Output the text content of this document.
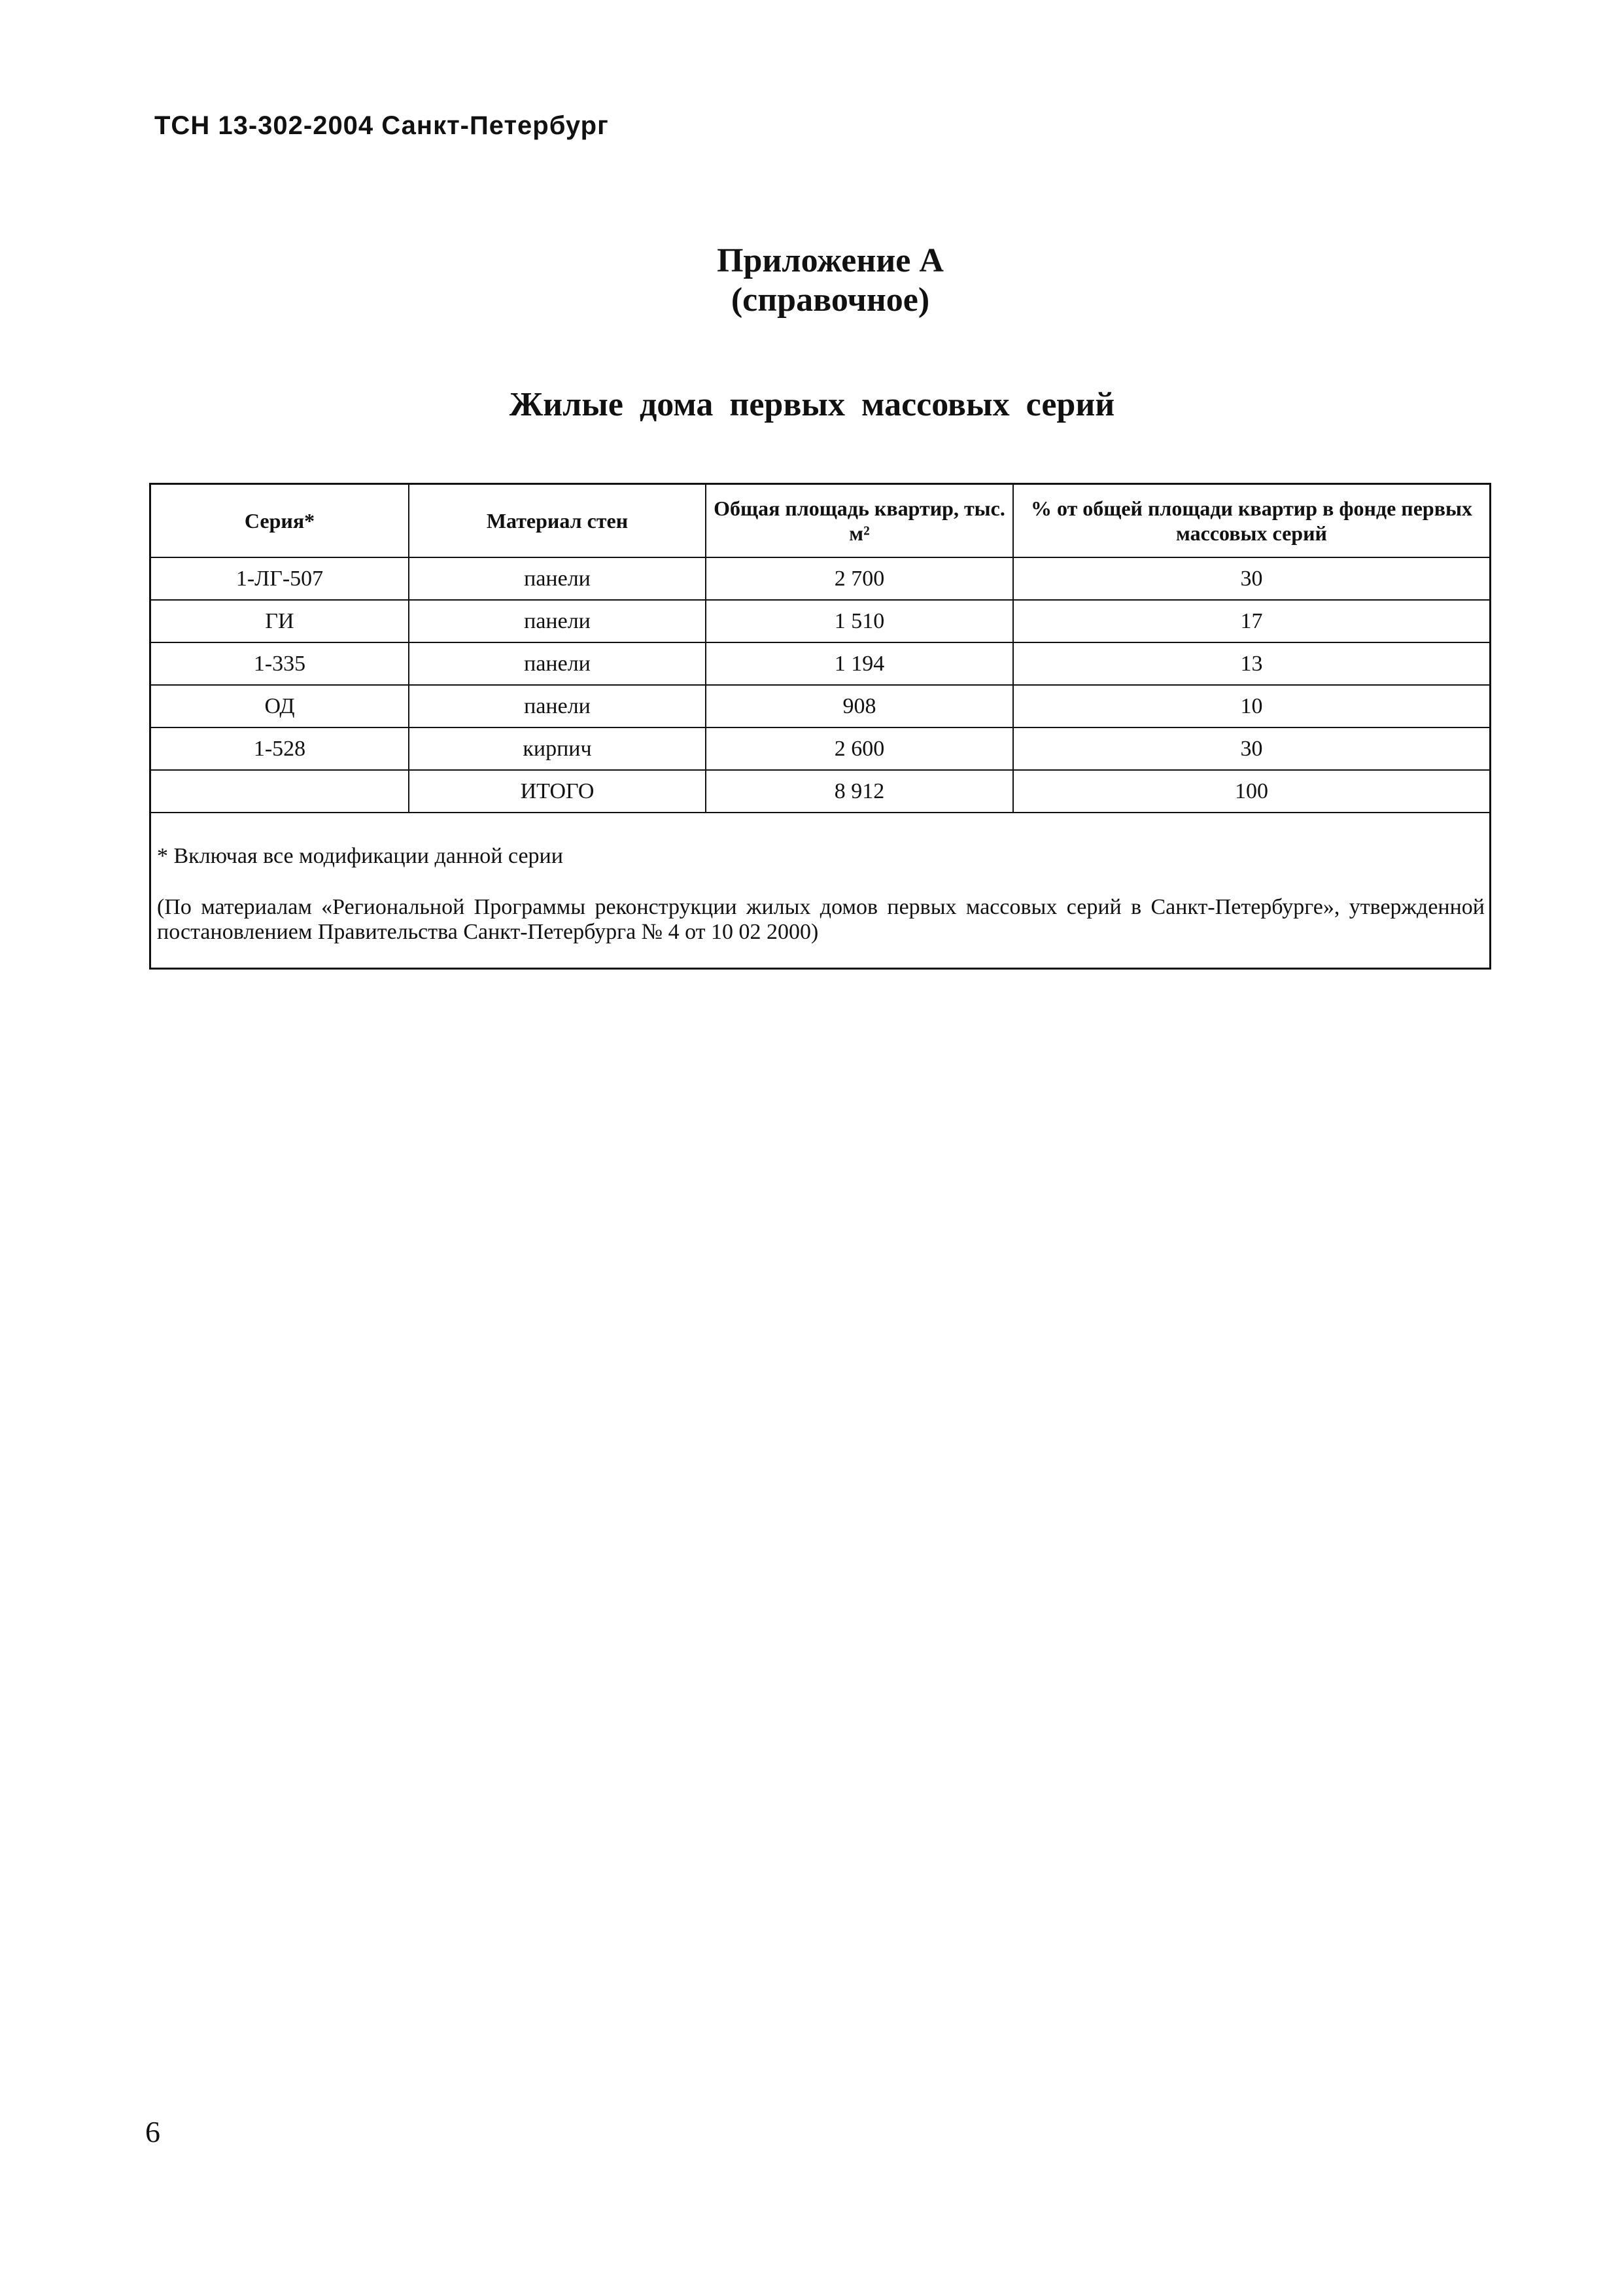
ТСН 13-302-2004 Санкт-Петербург
Приложение А
(справочное)
Жилые дома первых массовых серий
Серия*	Материал стен	Общая площадь квартир, тыс. м²	% от общей площади квартир в фонде первых массовых серий
1-ЛГ-507	панели	2 700	30
ГИ	панели	1 510	17
1-335	панели	1 194	13
ОД	панели	908	10
1-528	кирпич	2 600	30
	ИТОГО	8 912	100
* Включая все модификации данной серии
(По материалам «Региональной Программы реконструкции жилых домов первых массовых серий в Санкт-Петербурге», утвержденной постановлением Правительства Санкт-Петербурга № 4 от 10 02 2000)
6
